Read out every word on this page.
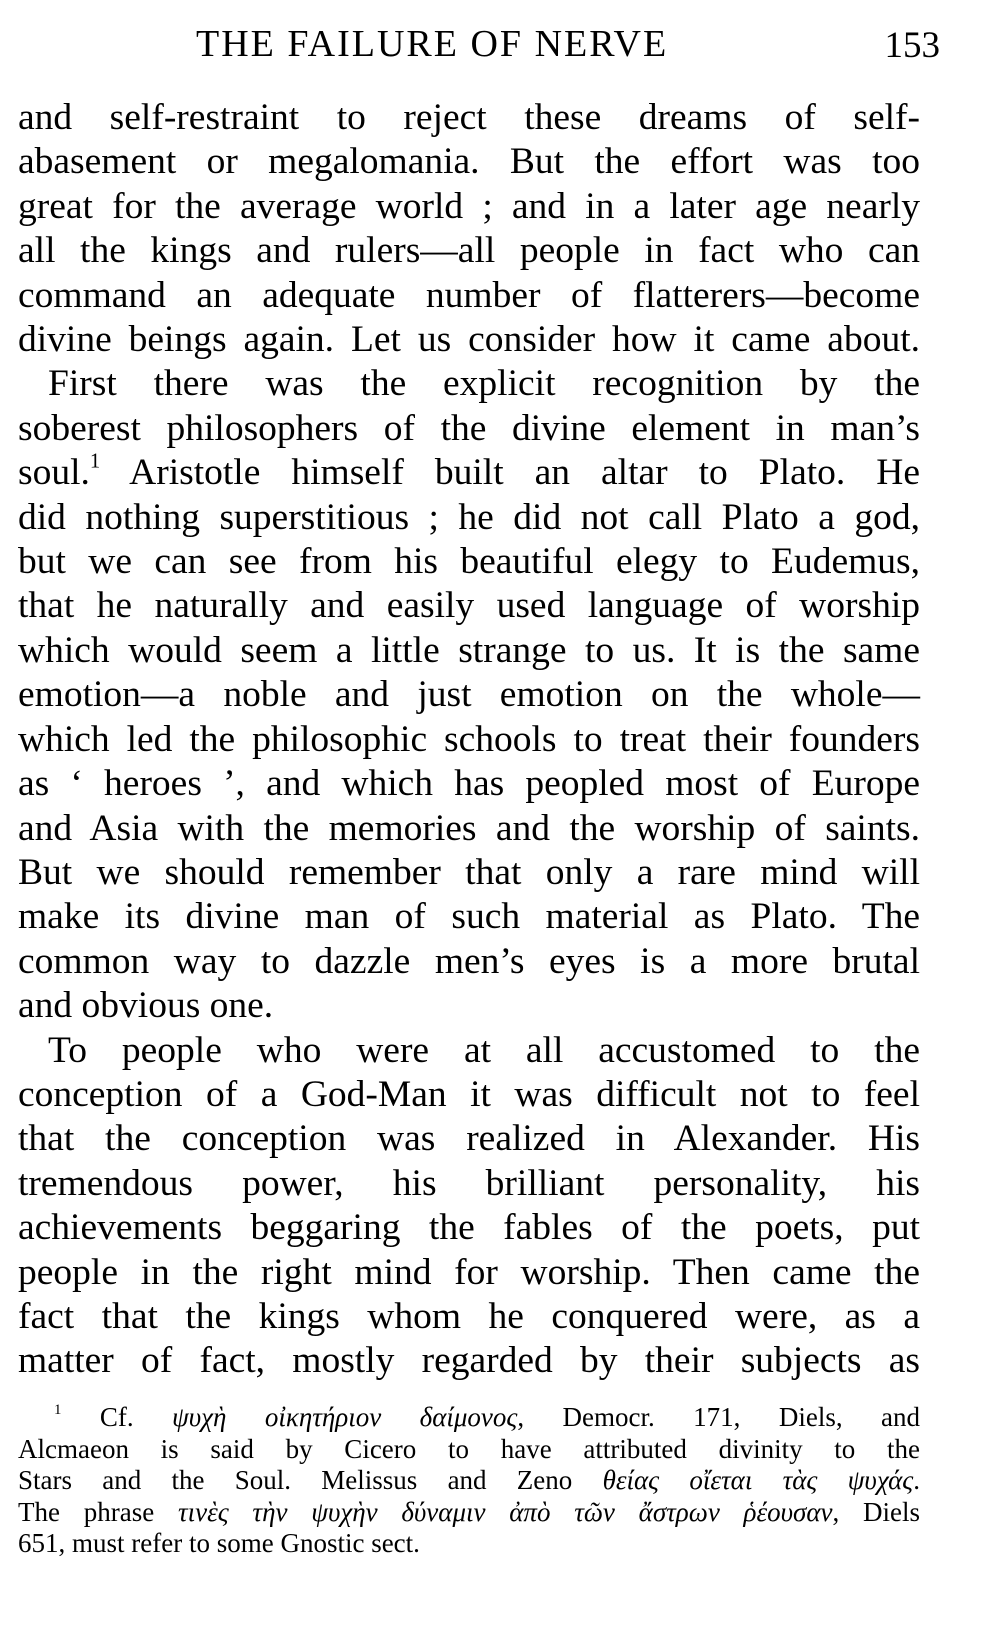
THE FAILURE OF NERVE	153
and self-restraint to reject these dreams of self-
abasement or megalomania. But the effort was too
great for the average world ; and in a later age nearly
all the kings and rulers—all people in fact who can
command an adequate number of flatterers—become
divine beings again. Let us consider how it came about.
First there was the explicit recognition by the
soberest philosophers of the divine element in man’s
soul.$^1$ Aristotle himself built an altar to Plato. He
did nothing superstitious ; he did not call Plato a god,
but we can see from his beautiful elegy to Eudemus,
that he naturally and easily used language of worship
which would seem a little strange to us. It is the same
emotion—a noble and just emotion on the whole—
which led the philosophic schools to treat their founders
as ‘ heroes ’, and which has peopled most of Europe
and Asia with the memories and the worship of saints.
But we should remember that only a rare mind will
make its divine man of such material as Plato. The
common way to dazzle men’s eyes is a more brutal
and obvious one.
To people who were at all accustomed to the
conception of a God-Man it was difficult not to feel
that the conception was realized in Alexander. His
tremendous power, his brilliant personality, his
achievements beggaring the fables of the poets, put
people in the right mind for worship. Then came the
fact that the kings whom he conquered were, as a
matter of fact, mostly regarded by their subjects as
$^1$ Cf. ψυχὴ οἰκητήριον δαίμονος, Democr. 171, Diels, and
Alcmaeon is said by Cicero to have attributed divinity to the
Stars and the Soul. Melissus and Zeno θείας οἴεται τὰς ψυχάς.
The phrase τινὲς τὴν ψυχὴν δύναμιν ἀπὸ τῶν ἄστρων ῥέουσαν, Diels
651, must refer to some Gnostic sect.
